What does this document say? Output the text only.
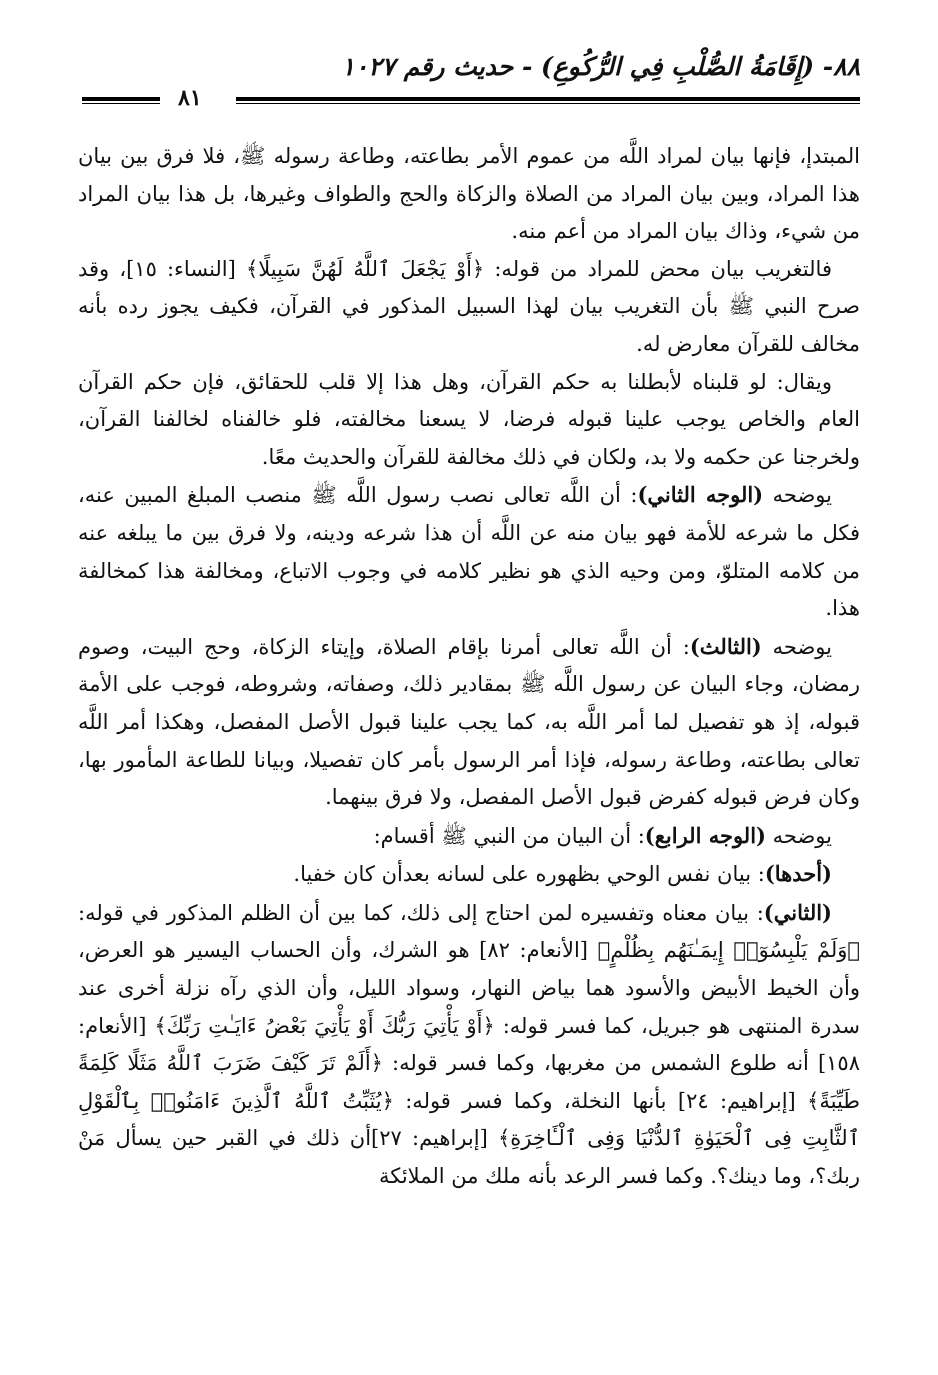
٨٨- (إِقَامَةُ الصُّلْبِ فِي الرُّكُوعِ) - حديث رقم ١٠٢٧
٨١

المبتدإ، فإنها بيان لمراد اللَّه من عموم الأمر بطاعته، وطاعة رسوله ﷺ، فلا فرق بين بيان هذا المراد، وبين بيان المراد من الصلاة والزكاة والحج والطواف وغيرها، بل هذا بيان المراد من شيء، وذاك بيان المراد من أعم منه.

فالتغريب بيان محض للمراد من قوله: ﴿أَوْ يَجْعَلَ ٱللَّهُ لَهُنَّ سَبِيلًا﴾ [النساء: ١٥]، وقد صرح النبي ﷺ بأن التغريب بيان لهذا السبيل المذكور في القرآن، فكيف يجوز رده بأنه مخالف للقرآن معارض له.

ويقال: لو قلبناه لأبطلنا به حكم القرآن، وهل هذا إلا قلب للحقائق، فإن حكم القرآن العام والخاص يوجب علينا قبوله فرضا، لا يسعنا مخالفته، فلو خالفناه لخالفنا القرآن، ولخرجنا عن حكمه ولا بد، ولكان في ذلك مخالفة للقرآن والحديث معًا.

يوضحه (الوجه الثاني): أن اللَّه تعالى نصب رسول اللَّه ﷺ منصب المبلغ المبين عنه، فكل ما شرعه للأمة فهو بيان منه عن اللَّه أن هذا شرعه ودينه، ولا فرق بين ما يبلغه عنه من كلامه المتلوّ، ومن وحيه الذي هو نظير كلامه في وجوب الاتباع، ومخالفة هذا كمخالفة هذا.

يوضحه (الثالث): أن اللَّه تعالى أمرنا بإقام الصلاة، وإيتاء الزكاة، وحج البيت، وصوم رمضان، وجاء البيان عن رسول اللَّه ﷺ بمقادير ذلك، وصفاته، وشروطه، فوجب على الأمة قبوله، إذ هو تفصيل لما أمر اللَّه به، كما يجب علينا قبول الأصل المفصل، وهكذا أمر اللَّه تعالى بطاعته، وطاعة رسوله، فإذا أمر الرسول بأمر كان تفصيلا، وبيانا للطاعة المأمور بها، وكان فرض قبوله كفرض قبول الأصل المفصل، ولا فرق بينهما.

يوضحه (الوجه الرابع): أن البيان من النبي ﷺ أقسام:

(أحدها): بيان نفس الوحي بظهوره على لسانه بعدأن كان خفيا.

(الثاني): بيان معناه وتفسيره لمن احتاج إلى ذلك، كما بين أن الظلم المذكور في قوله: ﴿وَلَمْ يَلْبِسُوٓا۟ إِيمَـٰنَهُم بِظُلْمٍ﴾ [الأنعام: ٨٢] هو الشرك، وأن الحساب اليسير هو العرض، وأن الخيط الأبيض والأسود هما بياض النهار، وسواد الليل، وأن الذي رآه نزلة أخرى عند سدرة المنتهى هو جبريل، كما فسر قوله: ﴿أَوْ يَأْتِيَ رَبُّكَ أَوْ يَأْتِيَ بَعْضُ ءَايَـٰتِ رَبِّكَ﴾ [الأنعام: ١٥٨] أنه طلوع الشمس من مغربها، وكما فسر قوله: ﴿أَلَمْ تَرَ كَيْفَ ضَرَبَ ٱللَّهُ مَثَلًا كَلِمَةً طَيِّبَةً﴾ [إبراهيم: ٢٤] بأنها النخلة، وكما فسر قوله: ﴿يُثَبِّتُ ٱللَّهُ ٱلَّذِينَ ءَامَنُوا۟ بِٱلْقَوْلِ ٱلثَّابِتِ فِى ٱلْحَيَوٰةِ ٱلدُّنْيَا وَفِى ٱلْـَٔاخِرَةِ﴾ [إبراهيم: ٢٧]أن ذلك في القبر حين يسأل مَنْ ربك؟، وما دينك؟. وكما فسر الرعد بأنه ملك من الملائكة
